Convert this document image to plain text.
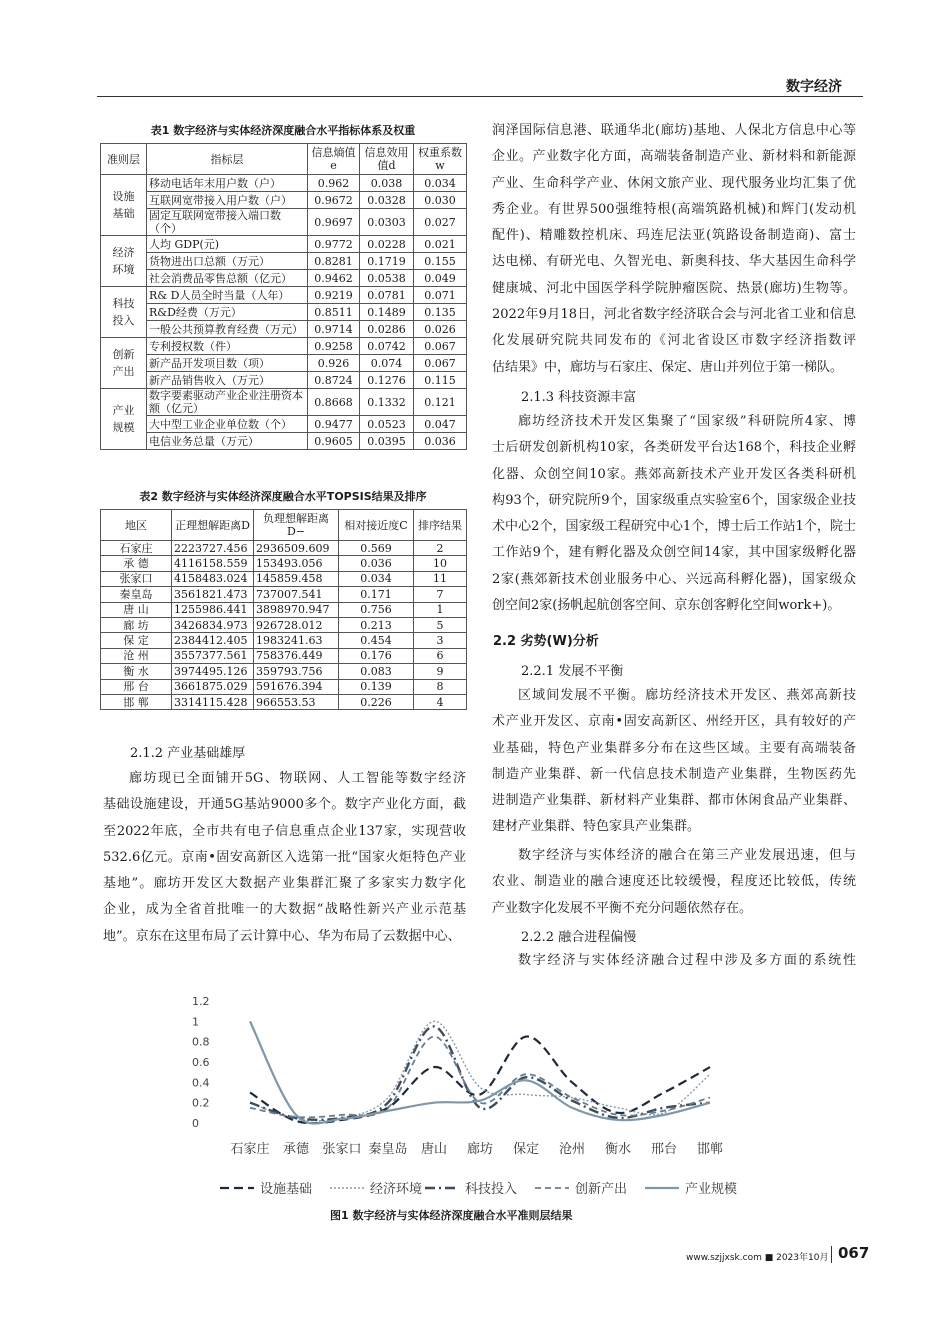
数字经济
表1 数字经济与实体经济深度融合水平指标体系及权重
准则层	指标层	信息熵值e	信息效用值d	权重系数w
设施基础	移动电话年末用户数（户）	0.962	0.038	0.034
	互联网宽带接入用户数（户）	0.9672	0.0328	0.030
	固定互联网宽带接入端口数（个）	0.9697	0.0303	0.027
经济环境	人均 GDP(元)	0.9772	0.0228	0.021
	货物进出口总额（万元）	0.8281	0.1719	0.155
	社会消费品零售总额（亿元）	0.9462	0.0538	0.049
科技投入	R& D人员全时当量（人年）	0.9219	0.0781	0.071
	R&D经费（万元）	0.8511	0.1489	0.135
	一般公共预算教育经费（万元）	0.9714	0.0286	0.026
创新产出	专利授权数（件）	0.9258	0.0742	0.067
	新产品开发项目数（项）	0.926	0.074	0.067
	新产品销售收入（万元）	0.8724	0.1276	0.115
产业规模	数字要素驱动产业企业注册资本额（亿元）	0.8668	0.1332	0.121
	大中型工业企业单位数（个）	0.9477	0.0523	0.047
	电信业务总量（万元）	0.9605	0.0395	0.036
表2 数字经济与实体经济深度融合水平TOPSIS结果及排序
地区	正理想解距离D	负理想解距离D−	相对接近度C	排序结果
石家庄	2223727.456	2936509.609	0.569	2
承 德	4116158.559	153493.056	0.036	10
张家口	4158483.024	145859.458	0.034	11
秦皇岛	3561821.473	737007.541	0.171	7
唐 山	1255986.441	3898970.947	0.756	1
廊 坊	3426834.973	926728.012	0.213	5
保 定	2384412.405	1983241.63	0.454	3
沧 州	3557377.561	758376.449	0.176	6
衡 水	3974495.126	359793.756	0.083	9
邢 台	3661875.029	591676.394	0.139	8
邯 郸	3314115.428	966553.53	0.226	4
2.1.2 产业基础雄厚
廊坊现已全面铺开5G、物联网、人工智能等数字经济
基础设施建设，开通5G基站9000多个。数字产业化方面，截
至2022年底，全市共有电子信息重点企业137家，实现营收
532.6亿元。京南•固安高新区入选第一批“国家火炬特色产业
基地”。廊坊开发区大数据产业集群汇聚了多家实力数字化
企业，成为全省首批唯一的大数据“战略性新兴产业示范基
地”。京东在这里布局了云计算中心、华为布局了云数据中心、
润泽国际信息港、联通华北(廊坊)基地、人保北方信息中心等
企业。产业数字化方面，高端装备制造产业、新材料和新能源
产业、生命科学产业、休闲文旅产业、现代服务业均汇集了优
秀企业。有世界500强维特根(高端筑路机械)和辉门(发动机
配件)、精雕数控机床、玛连尼法亚(筑路设备制造商)、富士
达电梯、有研光电、久智光电、新奥科技、华大基因生命科学
健康城、河北中国医学科学院肿瘤医院、热景(廊坊)生物等。
2022年9月18日，河北省数字经济联合会与河北省工业和信息
化发展研究院共同发布的《河北省设区市数字经济指数评
估结果》中，廊坊与石家庄、保定、唐山并列位于第一梯队。
2.1.3 科技资源丰富
廊坊经济技术开发区集聚了“国家级”科研院所4家、博
士后研发创新机构10家，各类研发平台达168个，科技企业孵
化器、众创空间10家。燕郊高新技术产业开发区各类科研机
构93个，研究院所9个，国家级重点实验室6个，国家级企业技
术中心2个，国家级工程研究中心1个，博士后工作站1个，院士
工作站9个，建有孵化器及众创空间14家，其中国家级孵化器
2家(燕郊新技术创业服务中心、兴远高科孵化器)，国家级众
创空间2家(扬帆起航创客空间、京东创客孵化空间work+)。
2.2 劣势(W)分析
2.2.1 发展不平衡
区域间发展不平衡。廊坊经济技术开发区、燕郊高新技
术产业开发区、京南•固安高新区、州经开区，具有较好的产
业基础，特色产业集群多分布在这些区域。主要有高端装备
制造产业集群、新一代信息技术制造产业集群，生物医药先
进制造产业集群、新材料产业集群、都市休闲食品产业集群、
建材产业集群、特色家具产业集群。
数字经济与实体经济的融合在第三产业发展迅速，但与
农业、制造业的融合速度还比较缓慢，程度还比较低，传统
产业数字化发展不平衡不充分问题依然存在。
2.2.2 融合进程偏慢
数字经济与实体经济融合过程中涉及多方面的系统性
0
0.2
0.4
0.6
0.8
1
1.2
石家庄 承德 张家口 秦皇岛 唐山 廊坊 保定 沧州 衡水 邢台 邯郸
设施基础	经济环境	科技投入	创新产出	产业规模
图1 数字经济与实体经济深度融合水平准则层结果
www.szjjxsk.com ■ 2023年10月 067
